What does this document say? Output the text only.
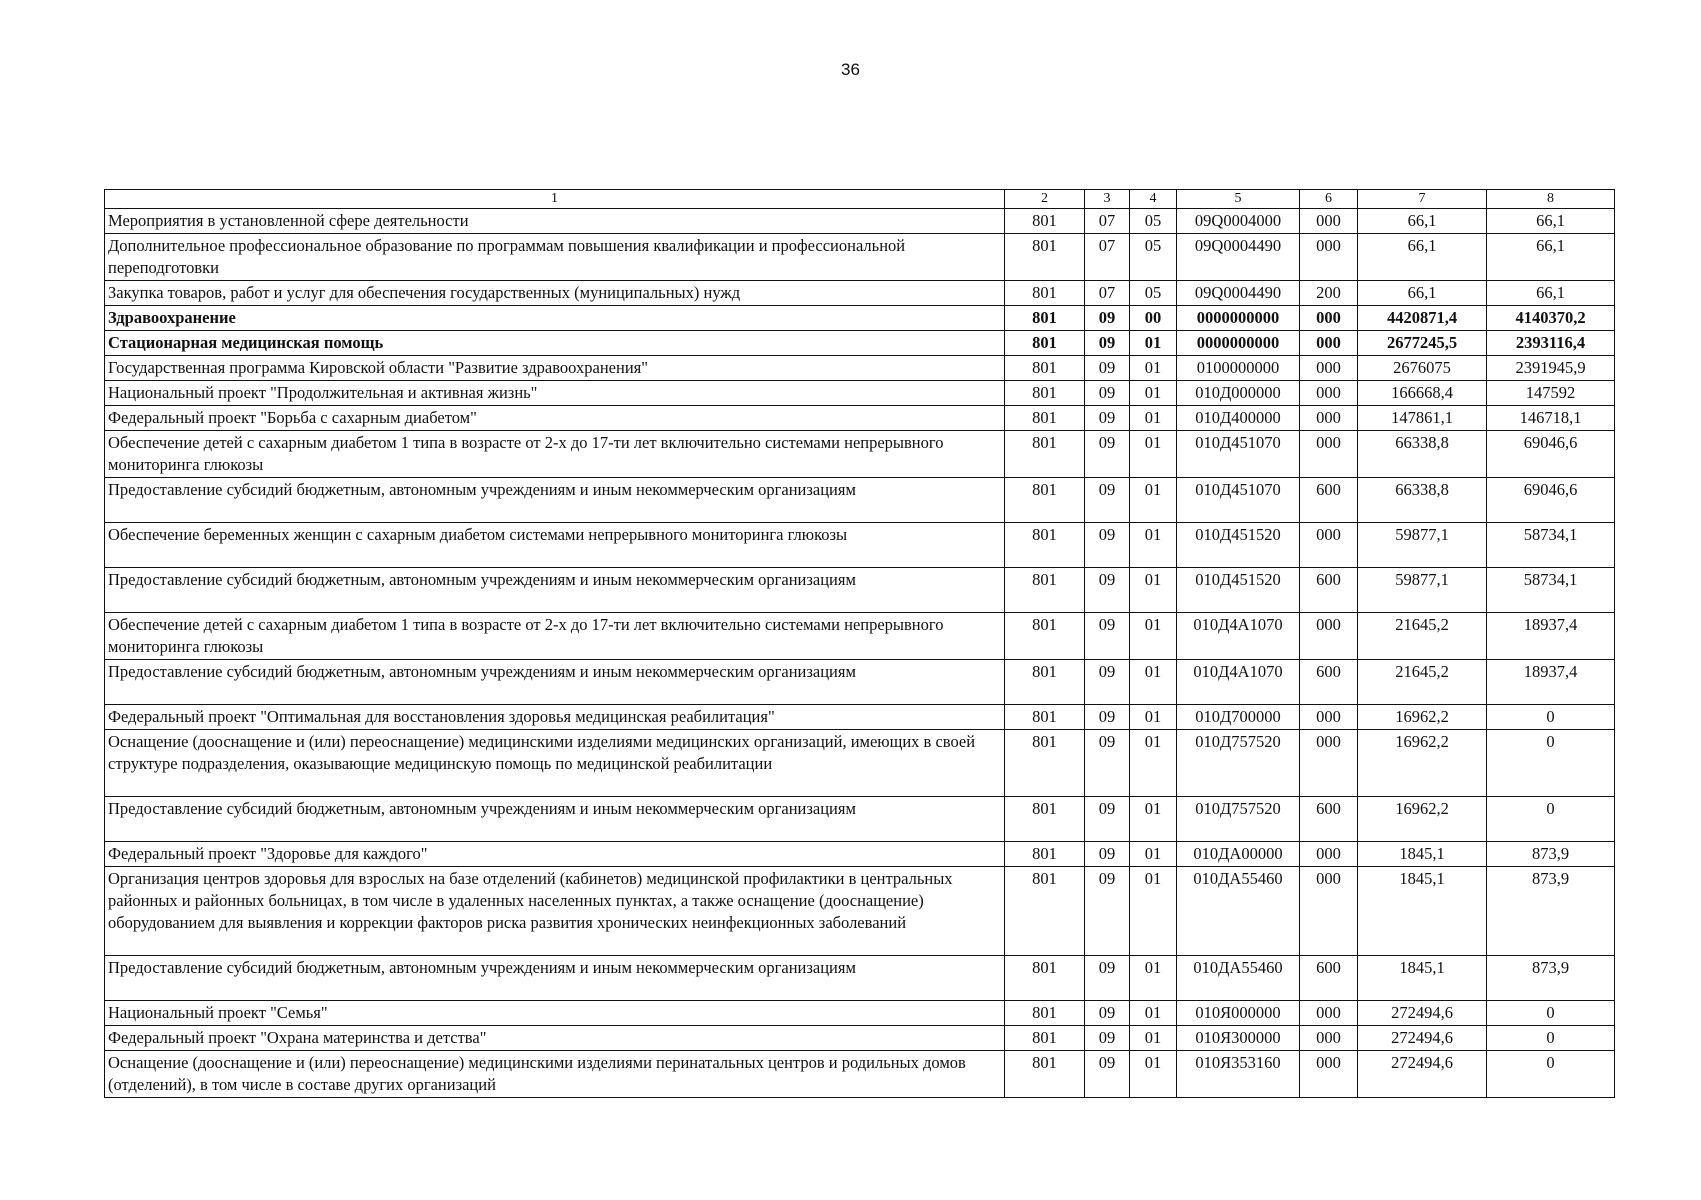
36
1	2	3	4	5	6	7	8
Мероприятия в установленной сфере деятельности	801	07	05	09Q0004000	000	66,1	66,1
Дополнительное профессиональное образование по программам повышения квалификации и профессиональной переподготовки	801	07	05	09Q0004490	000	66,1	66,1
Закупка товаров, работ и услуг для обеспечения государственных (муниципальных) нужд	801	07	05	09Q0004490	200	66,1	66,1
Здравоохранение	801	09	00	0000000000	000	4420871,4	4140370,2
Стационарная медицинская помощь	801	09	01	0000000000	000	2677245,5	2393116,4
Государственная программа Кировской области "Развитие здравоохранения"	801	09	01	0100000000	000	2676075	2391945,9
Национальный проект "Продолжительная и активная жизнь"	801	09	01	010Д000000	000	166668,4	147592
Федеральный проект "Борьба с сахарным диабетом"	801	09	01	010Д400000	000	147861,1	146718,1
Обеспечение детей с сахарным диабетом 1 типа в возрасте от 2-х до 17-ти лет включительно системами непрерывного мониторинга глюкозы	801	09	01	010Д451070	000	66338,8	69046,6
Предоставление субсидий бюджетным, автономным учреждениям и иным некоммерческим организациям	801	09	01	010Д451070	600	66338,8	69046,6
Обеспечение беременных женщин с сахарным диабетом системами непрерывного мониторинга глюкозы	801	09	01	010Д451520	000	59877,1	58734,1
Предоставление субсидий бюджетным, автономным учреждениям и иным некоммерческим организациям	801	09	01	010Д451520	600	59877,1	58734,1
Обеспечение детей с сахарным диабетом 1 типа в возрасте от 2-х до 17-ти лет включительно системами непрерывного мониторинга глюкозы	801	09	01	010Д4А1070	000	21645,2	18937,4
Предоставление субсидий бюджетным, автономным учреждениям и иным некоммерческим организациям	801	09	01	010Д4А1070	600	21645,2	18937,4
Федеральный проект "Оптимальная для восстановления здоровья медицинская реабилитация"	801	09	01	010Д700000	000	16962,2	0
Оснащение (дооснащение и (или) переоснащение) медицинскими изделиями медицинских организаций, имеющих в своей структуре подразделения, оказывающие медицинскую помощь по медицинской реабилитации	801	09	01	010Д757520	000	16962,2	0
Предоставление субсидий бюджетным, автономным учреждениям и иным некоммерческим организациям	801	09	01	010Д757520	600	16962,2	0
Федеральный проект "Здоровье для каждого"	801	09	01	010ДА00000	000	1845,1	873,9
Организация центров здоровья для взрослых на базе отделений (кабинетов) медицинской профилактики в центральных районных и районных больницах, в том числе в удаленных населенных пунктах, а также оснащение (дооснащение) оборудованием для выявления и коррекции факторов риска развития хронических неинфекционных заболеваний	801	09	01	010ДА55460	000	1845,1	873,9
Предоставление субсидий бюджетным, автономным учреждениям и иным некоммерческим организациям	801	09	01	010ДА55460	600	1845,1	873,9
Национальный проект "Семья"	801	09	01	010Я000000	000	272494,6	0
Федеральный проект "Охрана материнства и детства"	801	09	01	010Я300000	000	272494,6	0
Оснащение (дооснащение и (или) переоснащение) медицинскими изделиями перинатальных центров и родильных домов (отделений), в том числе в составе других организаций	801	09	01	010Я353160	000	272494,6	0
